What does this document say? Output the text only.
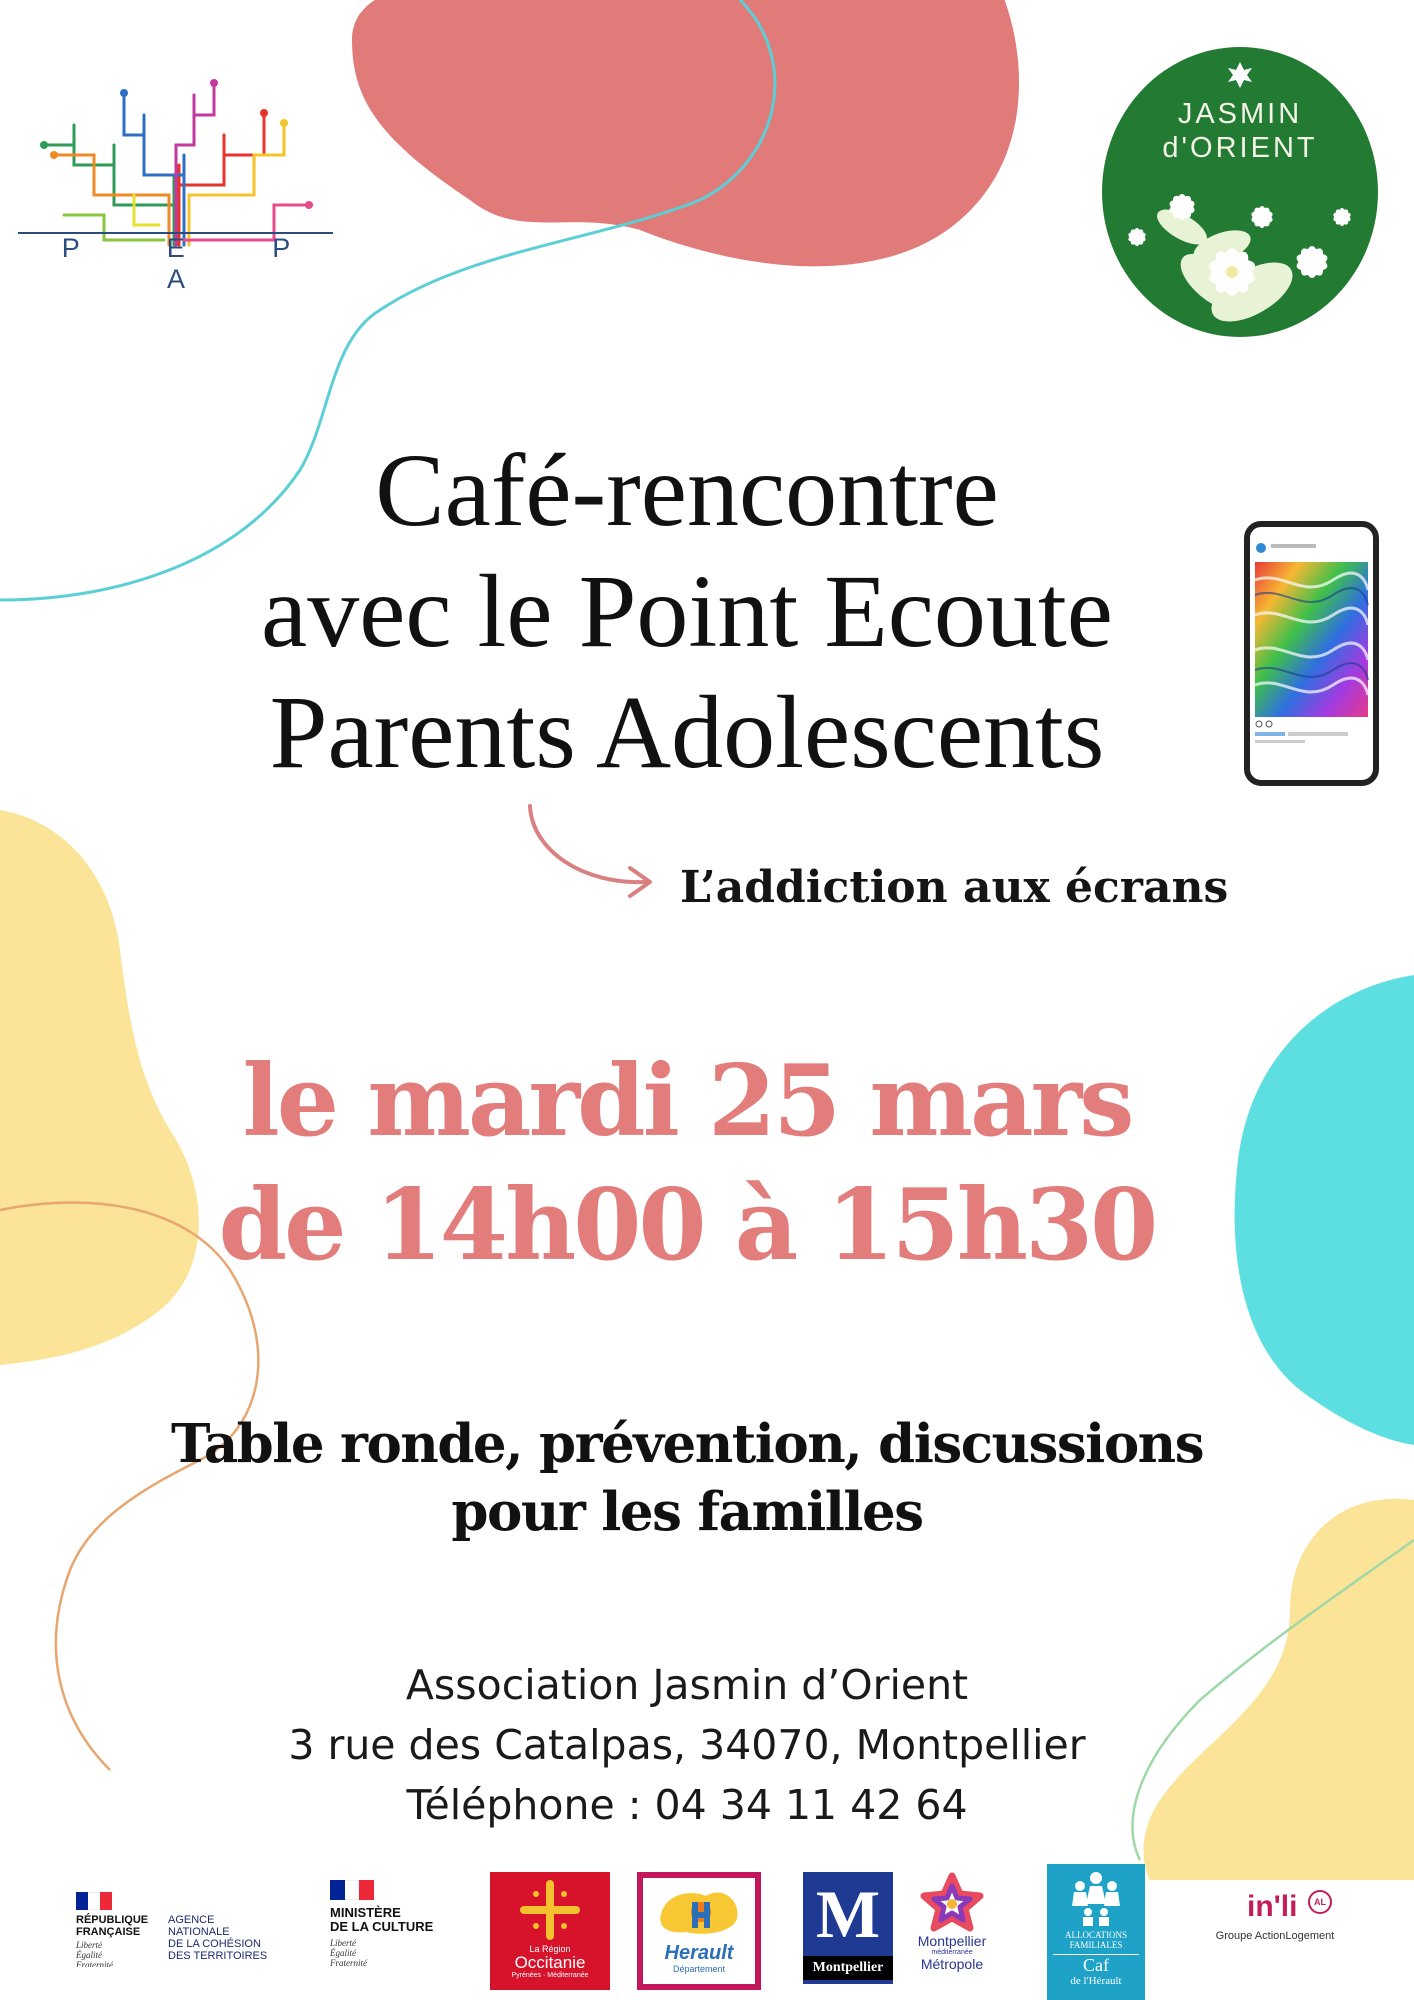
P E P A
JASMIN
d'ORIENT
Café-rencontre
avec le Point Ecoute
Parents Adolescents
L’addiction aux écrans
le mardi 25 mars
de 14h00 à 15h30
Table ronde, prévention, discussions
pour les familles
Association Jasmin d’Orient
3 rue des Catalpas, 34070, Montpellier
Téléphone : 04 34 11 42 64
RÉPUBLIQUE
FRANÇAISE
Liberté
Égalité
Fraternité
AGENCE
NATIONALE
DE LA COHÉSION
DES TERRITOIRES
MINISTÈRE
DE LA CULTURE
Liberté
Égalité
Fraternité
La Région
Occitanie
Pyrénées · Méditerranée
Herault
Département
M
Montpellier
Montpellier
méditerranée
Métropole
ALLOCATIONS
FAMILIALES
Caf
de l'Hérault
in'li	AL
Groupe ActionLogement
